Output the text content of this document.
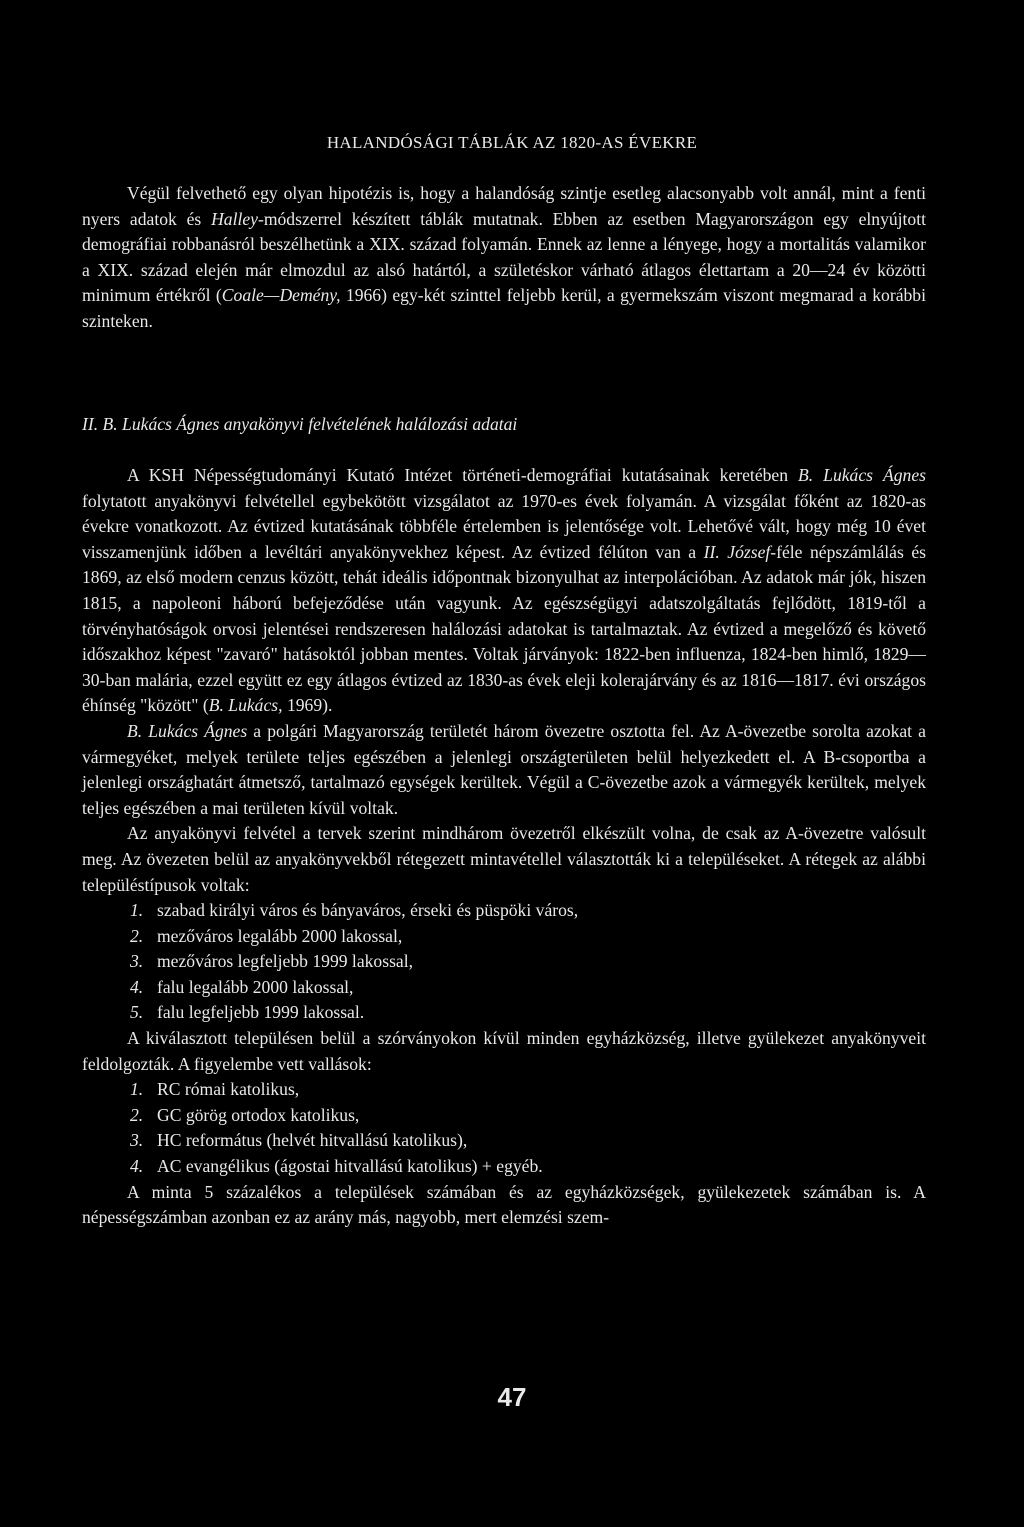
HALANDÓSÁGI TÁBLÁK AZ 1820-AS ÉVEKRE

Végül felvethető egy olyan hipotézis is, hogy a halandóság szintje esetleg alacsonyabb volt annál, mint a fenti nyers adatok és Halley-módszerrel készített táblák mutatnak. Ebben az esetben Magyarországon egy elnyújtott demográfiai robbanásról beszélhetünk a XIX. század folyamán. Ennek az lenne a lényege, hogy a mortalitás valamikor a XIX. század elején már elmozdul az alsó határtól, a születéskor várható átlagos élettartam a 20—24 év közötti minimum értékről (Coale—Demény, 1966) egy-két szinttel feljebb kerül, a gyermekszám viszont megmarad a korábbi szinteken.

II. B. Lukács Ágnes anyakönyvi felvételének halálozási adatai

A KSH Népességtudományi Kutató Intézet történeti-demográfiai kutatásainak keretében B. Lukács Ágnes folytatott anyakönyvi felvétellel egybekötött vizsgálatot az 1970-es évek folyamán. A vizsgálat főként az 1820-as évekre vonatkozott. Az évtized kutatásának többféle értelemben is jelentősége volt. Lehetővé vált, hogy még 10 évet visszamenjünk időben a levéltári anyakönyvekhez képest. Az évtized félúton van a II. József-féle népszámlálás és 1869, az első modern cenzus között, tehát ideális időpontnak bizonyulhat az interpolációban. Az adatok már jók, hiszen 1815, a napoleoni háború befejeződése után vagyunk. Az egészségügyi adatszolgáltatás fejlődött, 1819-től a törvényhatóságok orvosi jelentései rendszeresen halálozási adatokat is tartalmaztak. Az évtized a megelőző és követő időszakhoz képest "zavaró" hatásoktól jobban mentes. Voltak járványok: 1822-ben influenza, 1824-ben himlő, 1829—30-ban malária, ezzel együtt ez egy átlagos évtized az 1830-as évek eleji kolerajárvány és az 1816—1817. évi országos éhínség "között" (B. Lukács, 1969).

B. Lukács Ágnes a polgári Magyarország területét három övezetre osztotta fel. Az A-övezetbe sorolta azokat a vármegyéket, melyek területe teljes egészében a jelenlegi országterületen belül helyezkedett el. A B-csoportba a jelenlegi országhatárt átmetsző, tartalmazó egységek kerültek. Végül a C-övezetbe azok a vármegyék kerültek, melyek teljes egészében a mai területen kívül voltak.

Az anyakönyvi felvétel a tervek szerint mindhárom övezetről elkészült volna, de csak az A-övezetre valósult meg. Az övezeten belül az anyakönyvekből rétegezett mintavétellel választották ki a településeket. A rétegek az alábbi településtípusok voltak:

1. szabad királyi város és bányaváros, érseki és püspöki város,
2. mezőváros legalább 2000 lakossal,
3. mezőváros legfeljebb 1999 lakossal,
4. falu legalább 2000 lakossal,
5. falu legfeljebb 1999 lakossal.

A kiválasztott településen belül a szórványokon kívül minden egyházközség, illetve gyülekezet anyakönyveit feldolgozták. A figyelembe vett vallások:

1. RC római katolikus,
2. GC görög ortodox katolikus,
3. HC református (helvét hitvallású katolikus),
4. AC evangélikus (ágostai hitvallású katolikus) + egyéb.

A minta 5 százalékos a települések számában és az egyházközségek, gyülekezetek számában is. A népességszámban azonban ez az arány más, nagyobb, mert elemzési szem-

47
